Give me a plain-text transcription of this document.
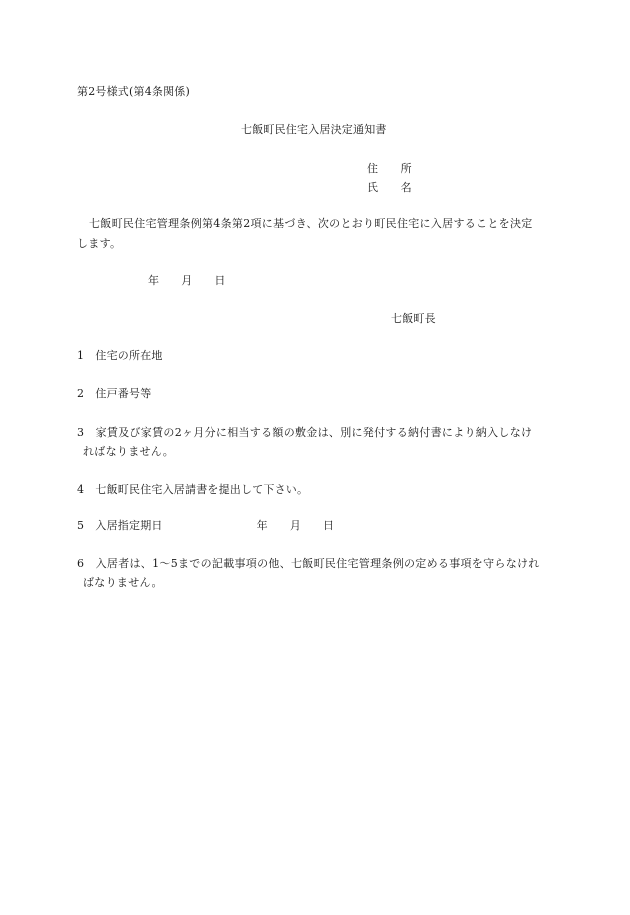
第2号様式(第4条関係)
七飯町民住宅入居決定通知書
住　　所
氏　　名
七飯町民住宅管理条例第4条第2項に基づき、次のとおり町民住宅に入居することを決定
します。
年 月 日
七飯町長
1　住宅の所在地
2　住戸番号等
3　家賃及び家賃の2ヶ月分に相当する額の敷金は、別に発付する納付書により納入しなけ
ればなりません。
4　七飯町民住宅入居請書を提出して下さい。
5　入居指定期日	年 月 日
6　入居者は、1～5までの記載事項の他、七飯町民住宅管理条例の定める事項を守らなけれ
ばなりません。
